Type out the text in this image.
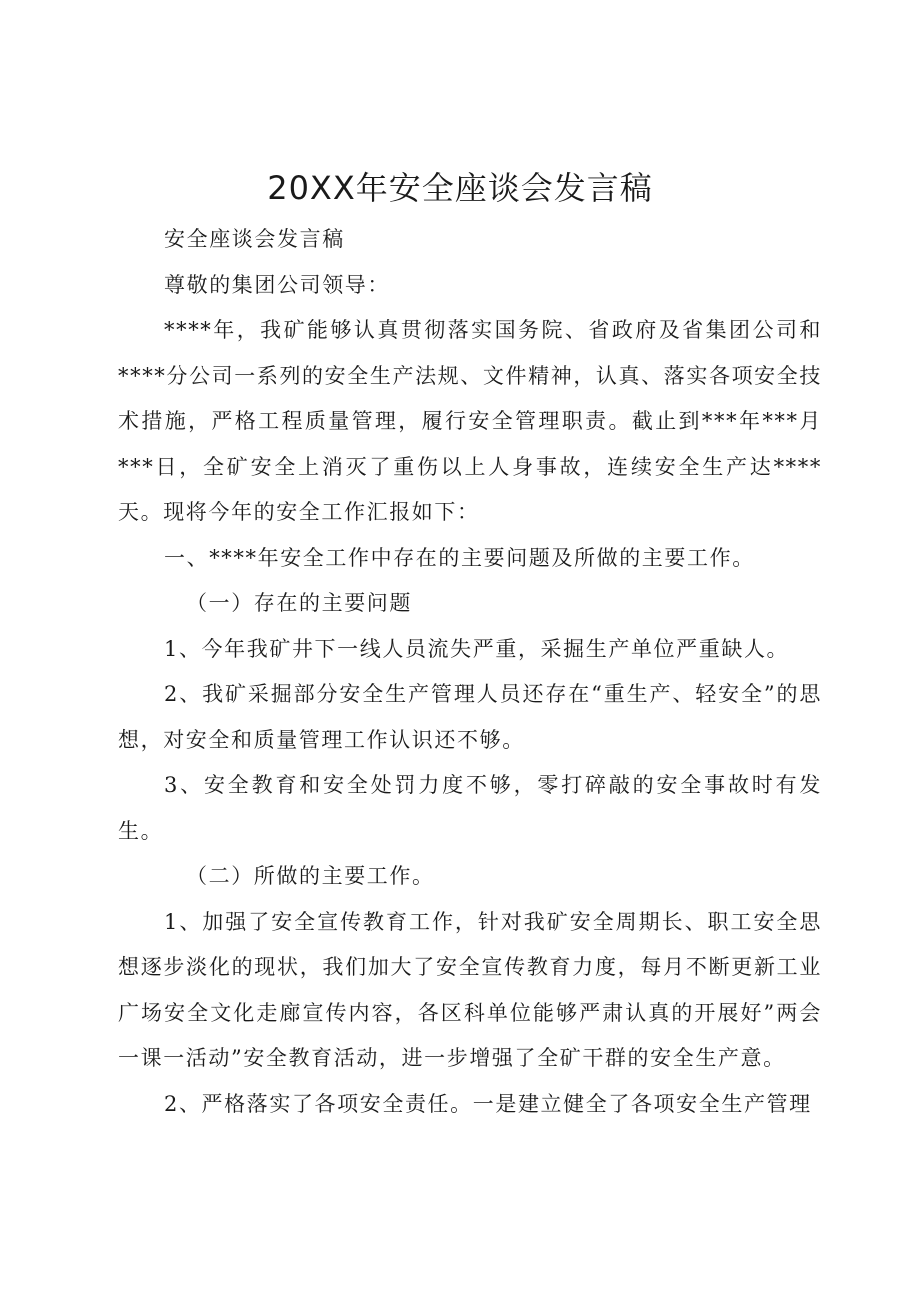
20XX年安全座谈会发言稿

安全座谈会发言稿

尊敬的集团公司领导：

****年，我矿能够认真贯彻落实国务院、省政府及省集团公司和****分公司一系列的安全生产法规、文件精神，认真、落实各项安全技术措施，严格工程质量管理，履行安全管理职责。截止到***年***月***日，全矿安全上消灭了重伤以上人身事故，连续安全生产达****天。现将今年的安全工作汇报如下：

一、****年安全工作中存在的主要问题及所做的主要工作。

（一）存在的主要问题

1、今年我矿井下一线人员流失严重，采掘生产单位严重缺人。

2、我矿采掘部分安全生产管理人员还存在“重生产、轻安全”的思想，对安全和质量管理工作认识还不够。

3、安全教育和安全处罚力度不够，零打碎敲的安全事故时有发生。

（二）所做的主要工作。

1、加强了安全宣传教育工作，针对我矿安全周期长、职工安全思想逐步淡化的现状，我们加大了安全宣传教育力度，每月不断更新工业广场安全文化走廊宣传内容，各区科单位能够严肃认真的开展好”两会一课一活动”安全教育活动，进一步增强了全矿干群的安全生产意。

2、严格落实了各项安全责任。一是建立健全了各项安全生产管理
